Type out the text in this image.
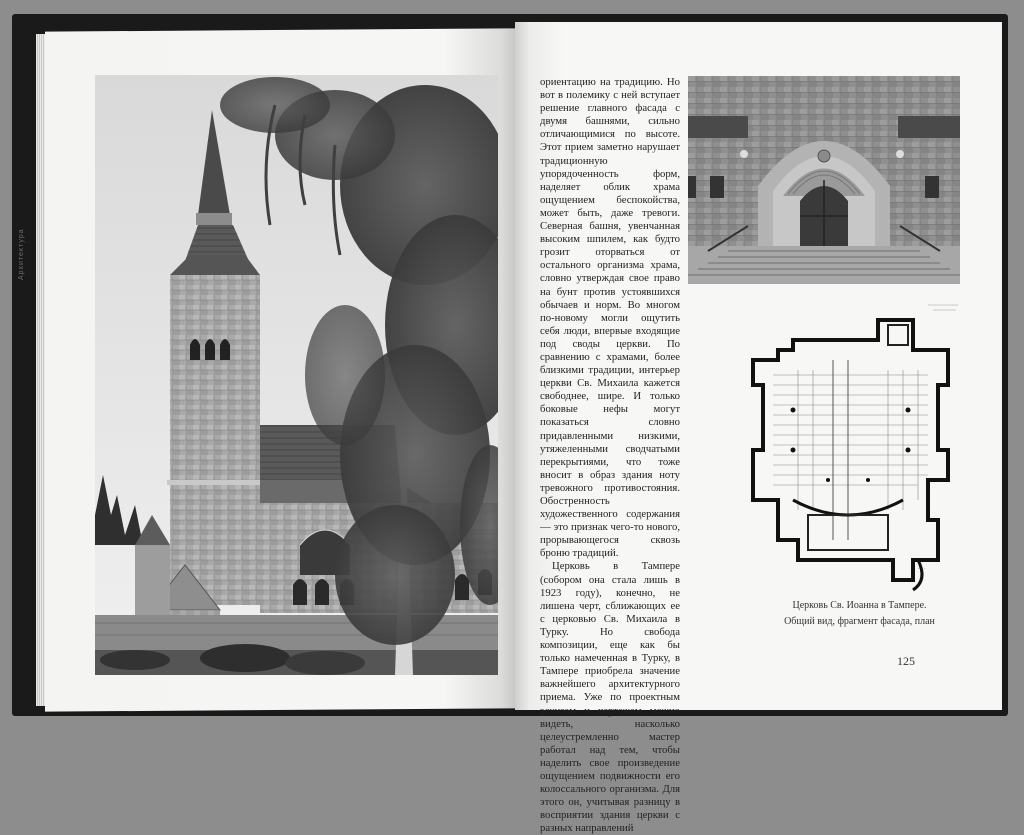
Архитектура
· · ·

ориентацию на традицию. Но вот в полемику с ней вступает решение главного фасада с двумя башнями, сильно отличающимися по высоте. Этот прием заметно нарушает традиционную упорядоченность форм, наделяет облик храма ощущением беспокойства, может быть, даже тревоги. Северная башня, увенчанная высоким шпилем, как будто грозит оторваться от остального организма храма, словно утверждая свое право на бунт против устоявшихся обычаев и норм. Во многом по-новому могли ощутить себя люди, впервые входящие под своды церкви. По сравнению с храмами, более близкими традиции, интерьер церкви Св. Михаила кажется свободнее, шире. И только боковые нефы могут показаться словно придавленными низкими, утяжеленными сводчатыми перекрытиями, что тоже вносит в образ здания ноту тревожного противостояния. Обостренность художественного содержания — это признак чего-то нового, прорывающегося сквозь броню традиций.

Церковь в Тампере (собором она стала лишь в 1923 году), конечно, не лишена черт, сближающих ее с церковью Св. Михаила в Турку. Но свобода композиции, еще как бы только намеченная в Турку, в Тампере приобрела значение важнейшего архитектурного приема. Уже по проектным эскизам и чертежам можно видеть, насколько целеустремленно мастер работал над тем, чтобы наделить свое произведение ощущением подвижности его колоссального организма. Для этого он, учитывая разницу в восприятии здания церкви с разных направлений

Церковь Св. Иоанна в Тампере.
Общий вид, фрагмент фасада, план
125
